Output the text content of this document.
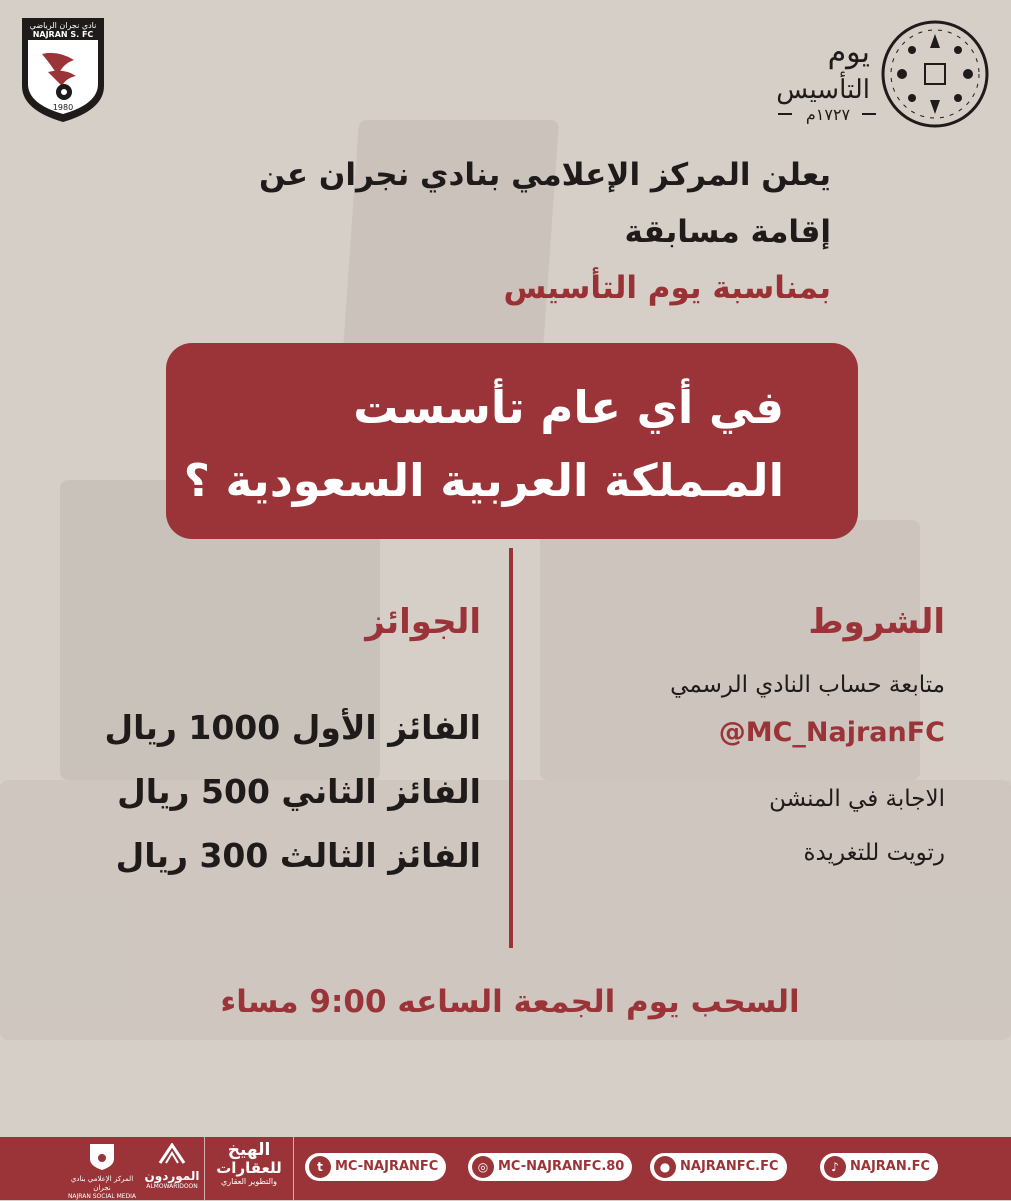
نادي نجران الرياضي
NAJRAN S. FC
1980
يوم
التأسيس
١٧٢٧م
يعلن المركز الإعلامي بنادي نجران عن
إقامة مسابقة
بمناسبة يوم التأسيس
في أي عام تأسست
المـملكة العربية السعودية ؟
الشروط
متابعة حساب النادي الرسمي
@MC_NajranFC
الاجابة في المنشن
رتويت للتغريدة
الجوائز
الفائز الأول 1000 ريال
الفائز الثاني 500 ريال
الفائز الثالث 300 ريال
السحب يوم الجمعة الساعه 9:00 مساء
المركز الإعلامي بنادي نجران
NAJRAN SOCIAL MEDIA
الموردون
ALMOWARIDOON
الهيخ
للعقارات
والتطوير العقاري
t MC-NAJRANFC	◎ MC-NAJRANFC.80	● NAJRANFC.FC	♪ NAJRAN.FC
